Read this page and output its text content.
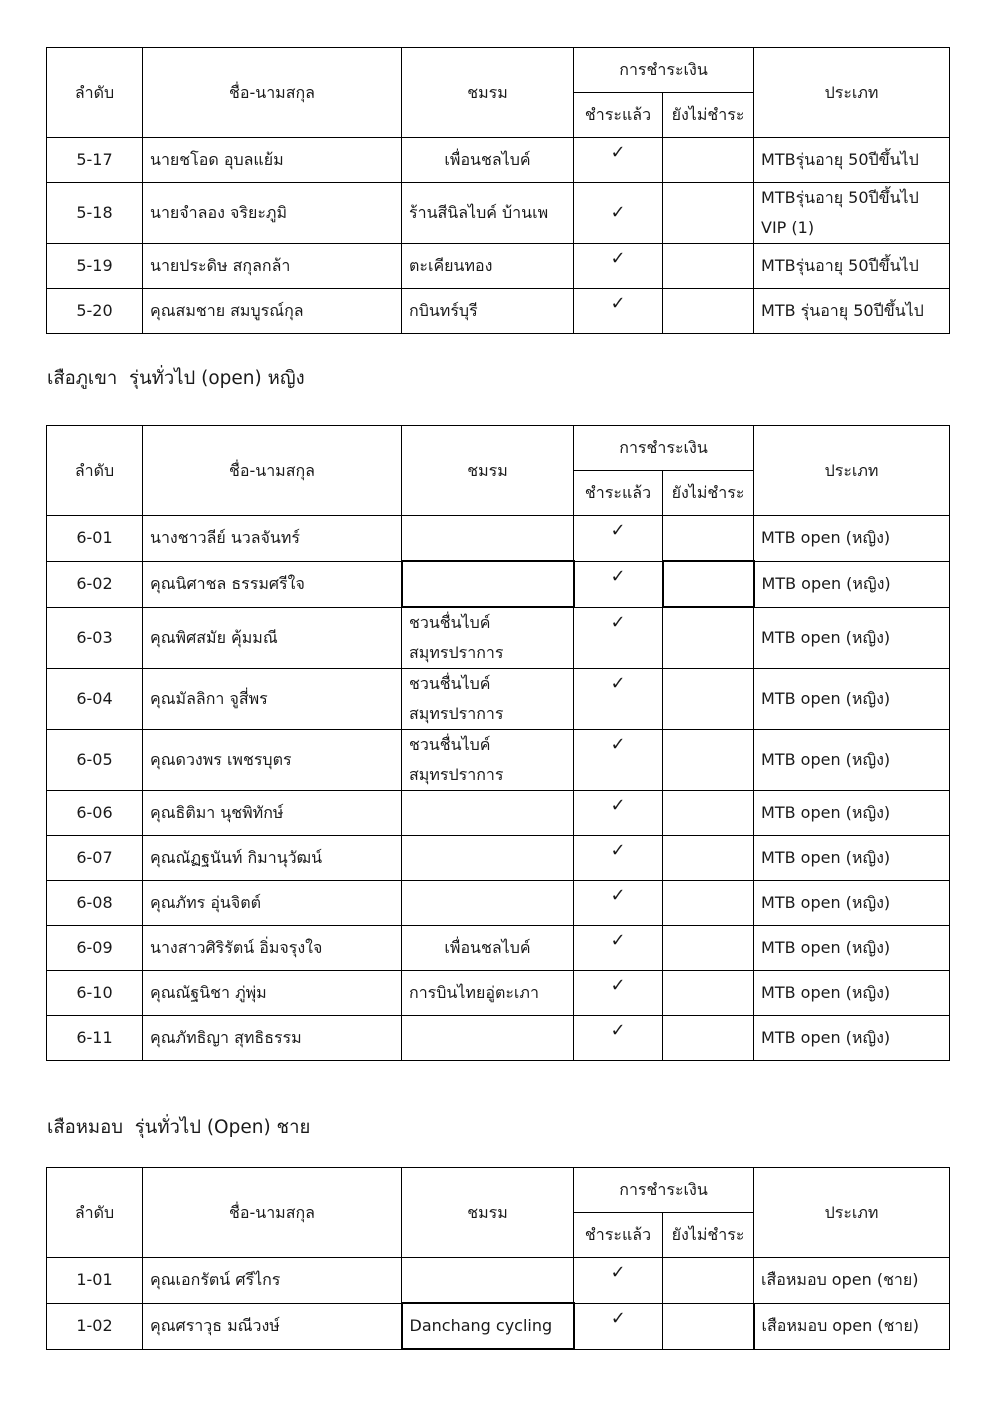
ลำดับ	ชื่อ-นามสกุล	ชมรม	การชำระเงิน		ประเภท
			ชำระแล้ว	ยังไม่ชำระ	
5-17	นายชโอด อุบลแย้ม	เพื่อนชลไบค์	✓		MTBรุ่นอายุ 50ปีขึ้นไป
5-18	นายจำลอง จริยะภูมิ	ร้านสีนิลไบค์ บ้านเพ	✓		MTBรุ่นอายุ 50ปีขึ้นไป VIP (1)
5-19	นายประดิษ สกุลกล้า	ตะเคียนทอง	✓		MTBรุ่นอายุ 50ปีขึ้นไป
5-20	คุณสมชาย สมบูรณ์กุล	กบินทร์บุรี	✓		MTB รุ่นอายุ 50ปีขึ้นไป
เสือภูเขา  รุ่นทั่วไป (open) หญิง
ลำดับ	ชื่อ-นามสกุล	ชมรม	การชำระเงิน		ประเภท
			ชำระแล้ว	ยังไม่ชำระ	
6-01	นางชาวลีย์ นวลจันทร์		✓		MTB open (หญิง)
6-02	คุณนิศาชล ธรรมศรีใจ		✓		MTB open (หญิง)
6-03	คุณพิศสมัย คุ้มมณี	ชวนชื่นไบค์ สมุทรปราการ	✓		MTB open (หญิง)
6-04	คุณมัลลิกา จูสี่พร	ชวนชื่นไบค์ สมุทรปราการ	✓		MTB open (หญิง)
6-05	คุณดวงพร เพชรบุตร	ชวนชื่นไบค์ สมุทรปราการ	✓		MTB open (หญิง)
6-06	คุณธิติมา นุชพิทักษ์		✓		MTB open (หญิง)
6-07	คุณณัฏฐนันท์ กิมานุวัฒน์		✓		MTB open (หญิง)
6-08	คุณภัทร อุ่นจิตต์		✓		MTB open (หญิง)
6-09	นางสาวศิริรัตน์ อิ่มจรุงใจ	เพื่อนชลไบค์	✓		MTB open (หญิง)
6-10	คุณณัฐนิชา ภู่พุ่ม	การบินไทยอู่ตะเภา	✓		MTB open (หญิง)
6-11	คุณภัทธิญา สุทธิธรรม		✓		MTB open (หญิง)
เสือหมอบ  รุ่นทั่วไป (Open) ชาย
ลำดับ	ชื่อ-นามสกุล	ชมรม	การชำระเงิน		ประเภท
			ชำระแล้ว	ยังไม่ชำระ	
1-01	คุณเอกรัตน์ ศรีไกร		✓		เสือหมอบ open (ชาย)
1-02	คุณศราวุธ มณีวงษ์	Danchang cycling	✓		เสือหมอบ open (ชาย)
